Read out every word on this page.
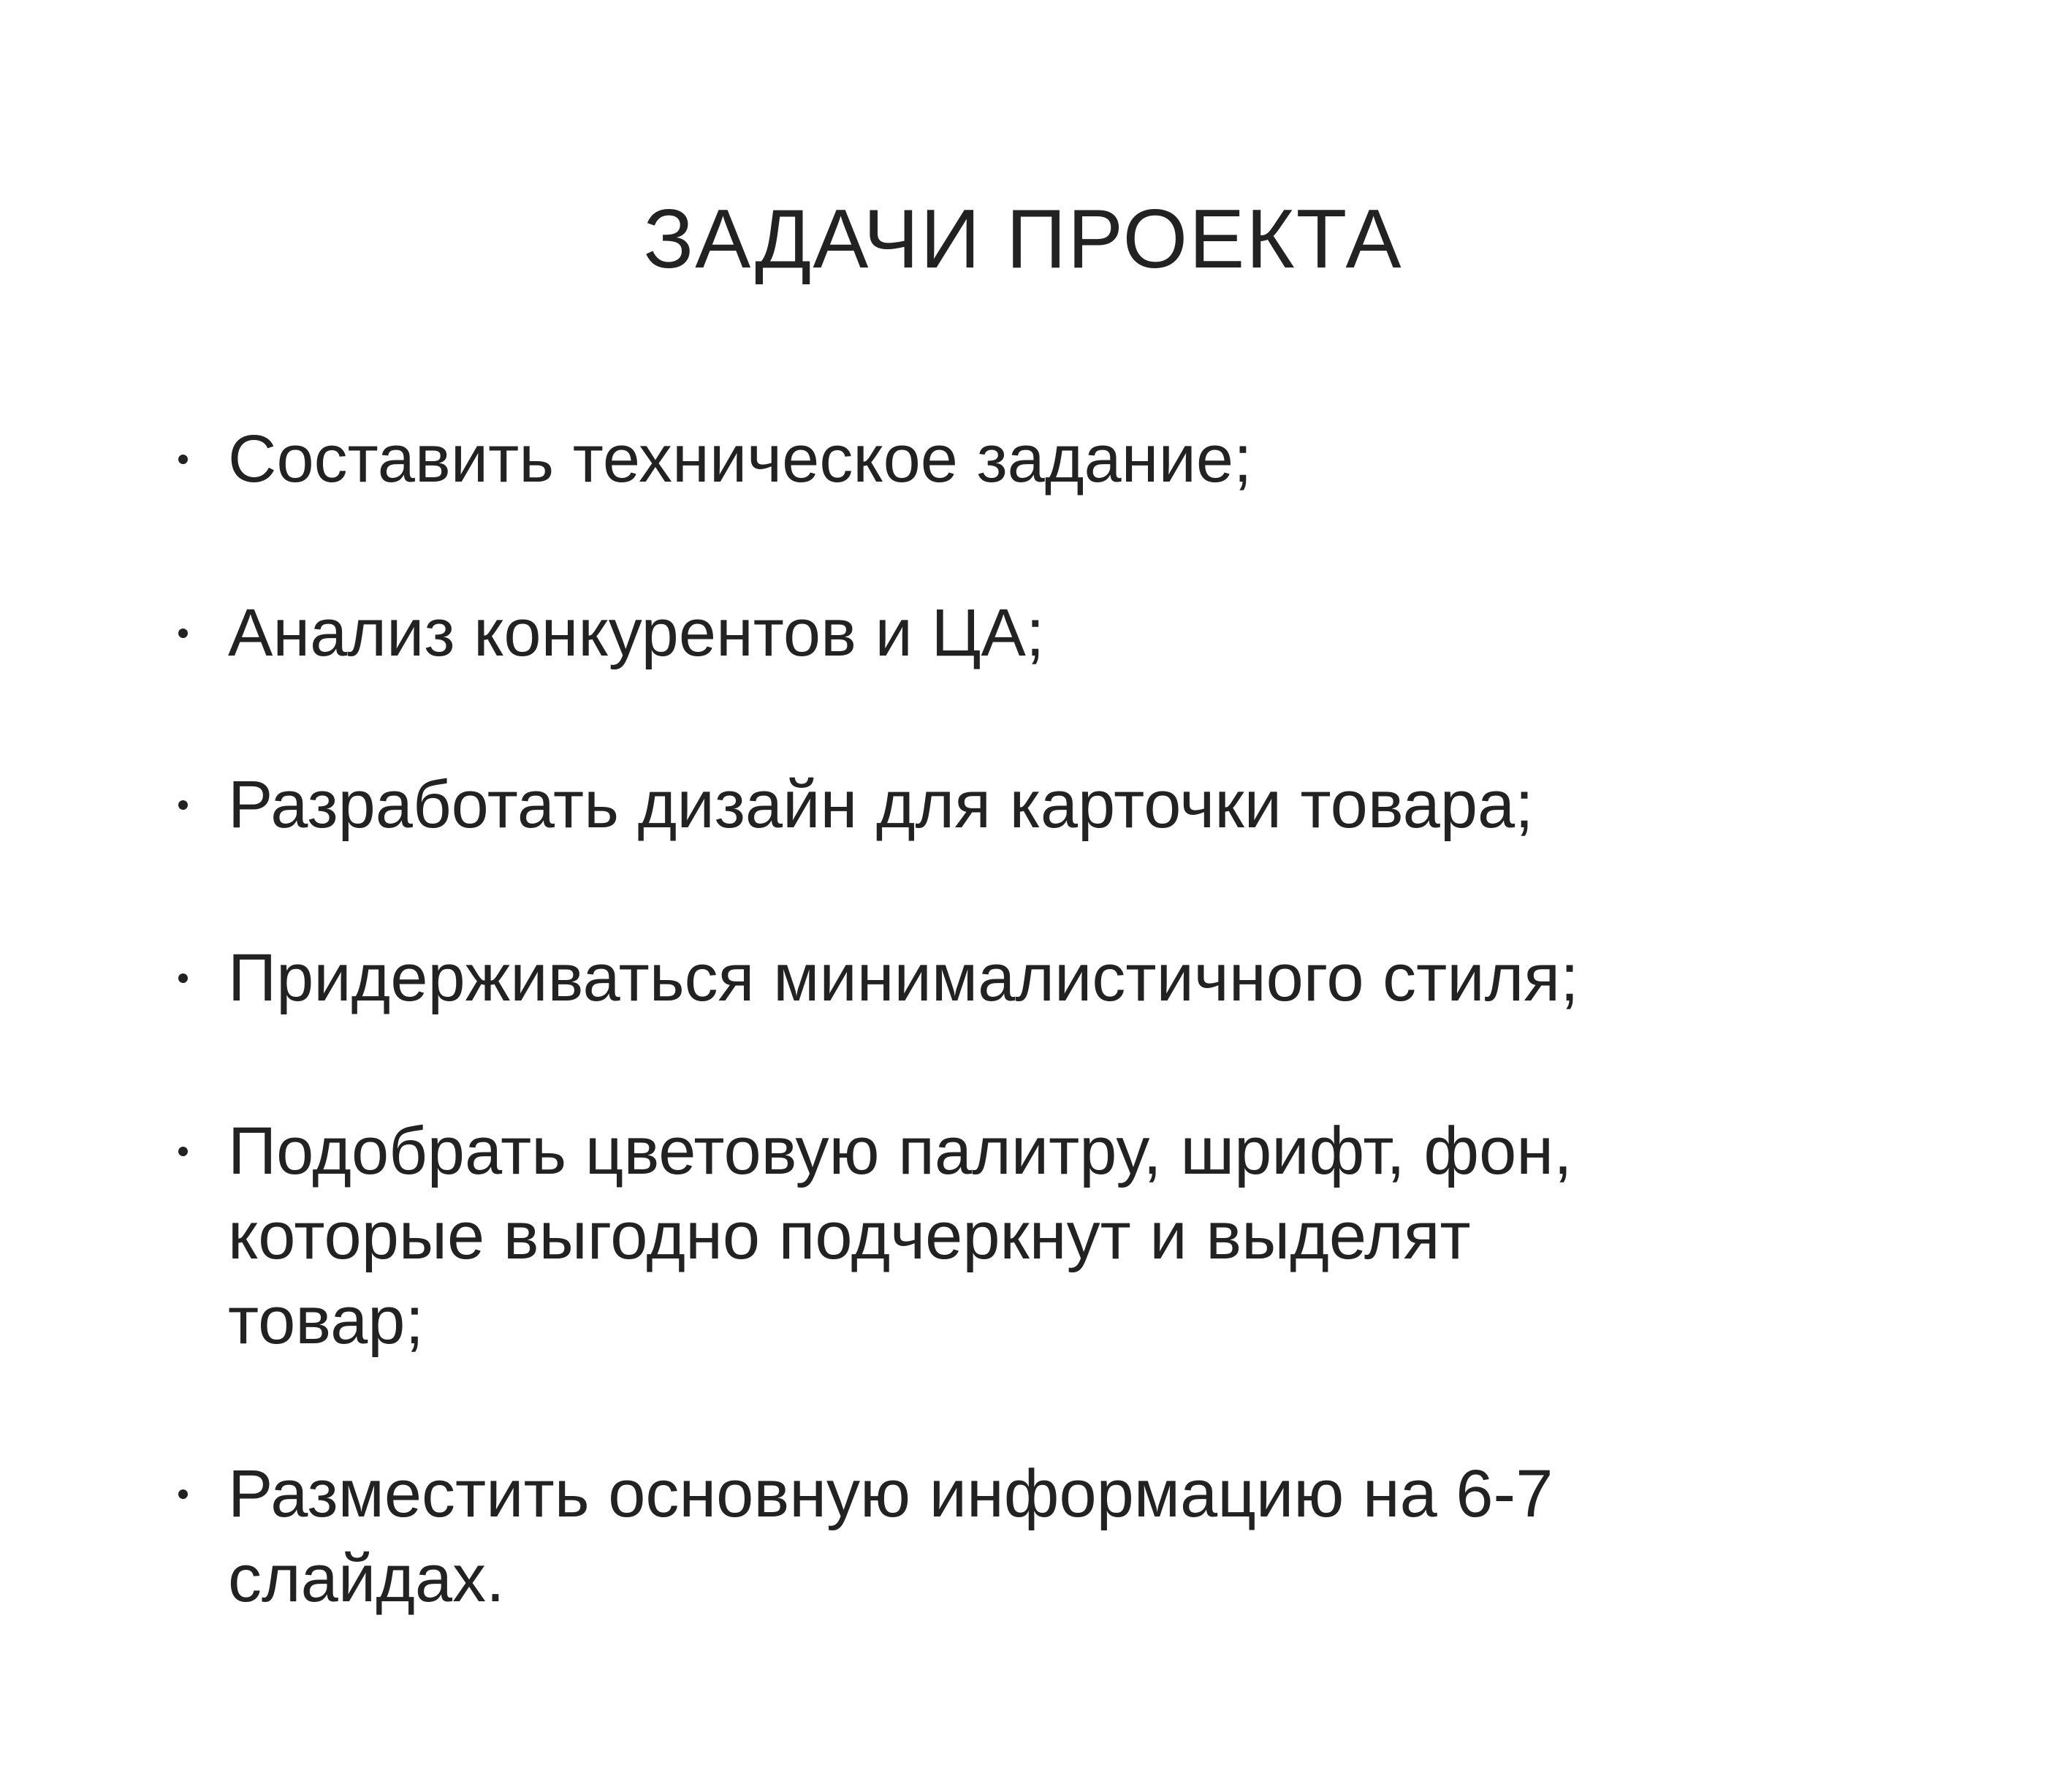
ЗАДАЧИ ПРОЕКТА
Составить техническое задание;
Анализ конкурентов и ЦА;
Разработать дизайн для карточки товара;
Придерживаться минималистичного стиля;
Подобрать цветовую палитру, шрифт, фон,
которые выгодно подчеркнут и выделят
товар;
Разместить основную информацию на 6-7
слайдах.
